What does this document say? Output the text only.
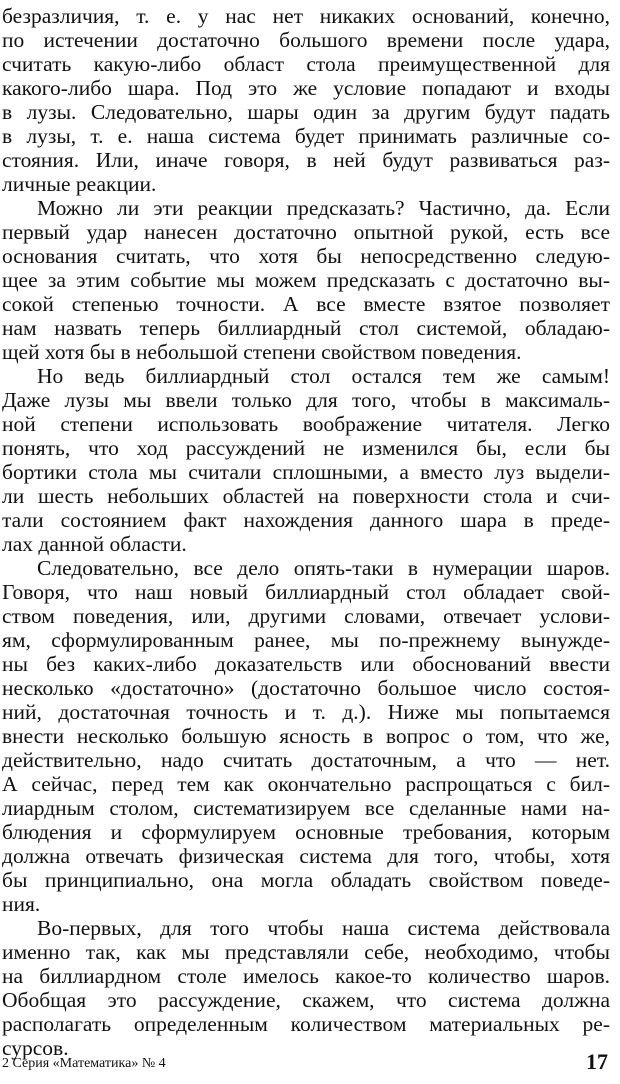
безразличия, т. е. у нас нет никаких оснований, конечно,
по истечении достаточно большого времени после удара,
считать какую-либо област стола преимущественной для
какого-либо шара. Под это же условие попадают и входы
в лузы. Следовательно, шары один за другим будут падать
в лузы, т. е. наша система будет принимать различные со-
стояния. Или, иначе говоря, в ней будут развиваться раз-
личные реакции.
Можно ли эти реакции предсказать? Частично, да. Если
первый удар нанесен достаточно опытной рукой, есть все
основания считать, что хотя бы непосредственно следую-
щее за этим событие мы можем предсказать с достаточно вы-
сокой степенью точности. А все вместе взятое позволяет
нам назвать теперь биллиардный стол системой, обладаю-
щей хотя бы в небольшой степени свойством поведения.
Но ведь биллиардный стол остался тем же самым!
Даже лузы мы ввели только для того, чтобы в максималь-
ной степени использовать воображение читателя. Легко
понять, что ход рассуждений не изменился бы, если бы
бортики стола мы считали сплошными, а вместо луз выдели-
ли шесть небольших областей на поверхности стола и счи-
тали состоянием факт нахождения данного шара в преде-
лах данной области.
Следовательно, все дело опять-таки в нумерации шаров.
Говоря, что наш новый биллиардный стол обладает свой-
ством поведения, или, другими словами, отвечает услови-
ям, сформулированным ранее, мы по-прежнему вынужде-
ны без каких-либо доказательств или обоснований ввести
несколько «достаточно» (достаточно большое число состоя-
ний, достаточная точность и т. д.). Ниже мы попытаемся
внести несколько большую ясность в вопрос о том, что же,
действительно, надо считать достаточным, а что — нет.
А сейчас, перед тем как окончательно распрощаться с бил-
лиардным столом, систематизируем все сделанные нами на-
блюдения и сформулируем основные требования, которым
должна отвечать физическая система для того, чтобы, хотя
бы принципиально, она могла обладать свойством поведе-
ния.
Во-первых, для того чтобы наша система действовала
именно так, как мы представляли себе, необходимо, чтобы
на биллиардном столе имелось какое-то количество шаров.
Обобщая это рассуждение, скажем, что система должна
располагать определенным количеством материальных ре-
сурсов.
2 Серия «Математика» № 4	17
